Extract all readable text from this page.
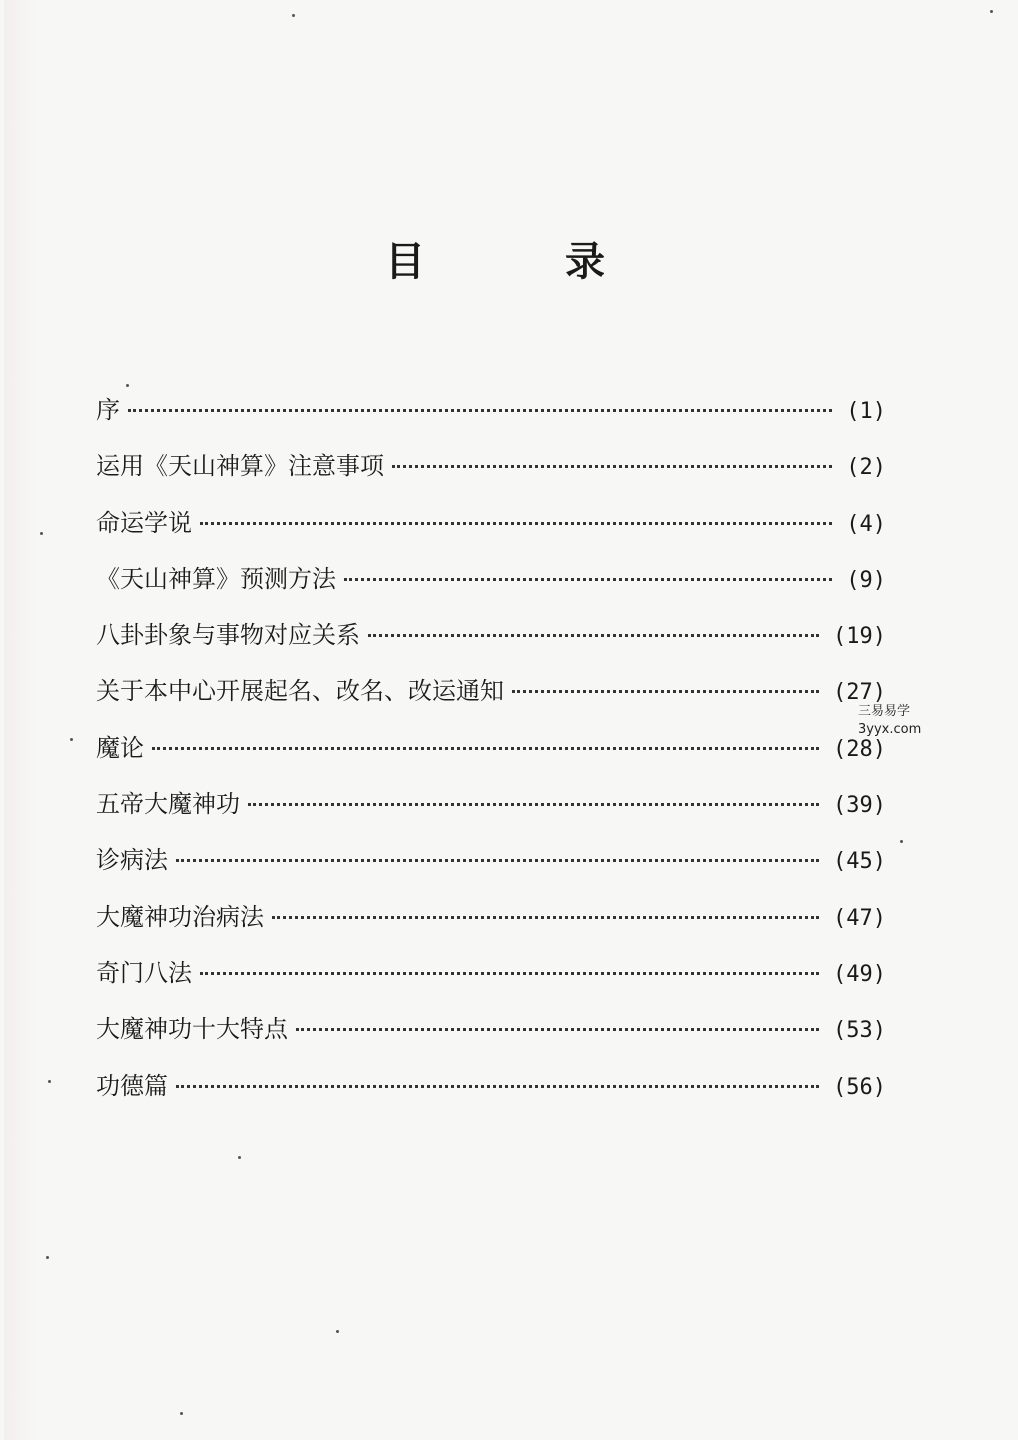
目	录
序	(1)
运用《天山神算》注意事项	(2)
命运学说	(4)
《天山神算》预测方法	(9)
八卦卦象与事物对应关系	(19)
关于本中心开展起名、改名、改运通知	(27)
魔论	(28)
五帝大魔神功	(39)
诊病法	(45)
大魔神功治病法	(47)
奇门八法	(49)
大魔神功十大特点	(53)
功德篇	(56)
三易易学
3yyx.com
